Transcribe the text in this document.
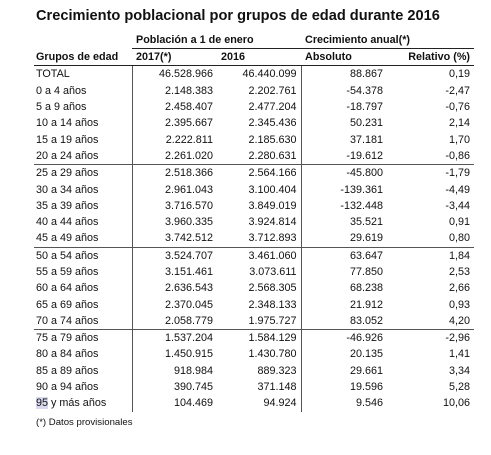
Crecimiento poblacional por grupos de edad durante 2016
	Población a 1 de enero		Crecimiento anual(*)	
Grupos de edad	2017(*)	2016	Absoluto	Relativo (%)
TOTAL	46.528.966	46.440.099	88.867	0,19
0 a 4 años	2.148.383	2.202.761	-54.378	-2,47
5 a 9 años	2.458.407	2.477.204	-18.797	-0,76
10 a 14 años	2.395.667	2.345.436	50.231	2,14
15 a 19 años	2.222.811	2.185.630	37.181	1,70
20 a 24 años	2.261.020	2.280.631	-19.612	-0,86
25 a 29 años	2.518.366	2.564.166	-45.800	-1,79
30 a 34 años	2.961.043	3.100.404	-139.361	-4,49
35 a 39 años	3.716.570	3.849.019	-132.448	-3,44
40 a 44 años	3.960.335	3.924.814	35.521	0,91
45 a 49 años	3.742.512	3.712.893	29.619	0,80
50 a 54 años	3.524.707	3.461.060	63.647	1,84
55 a 59 años	3.151.461	3.073.611	77.850	2,53
60 a 64 años	2.636.543	2.568.305	68.238	2,66
65 a 69 años	2.370.045	2.348.133	21.912	0,93
70 a 74 años	2.058.779	1.975.727	83.052	4,20
75 a 79 años	1.537.204	1.584.129	-46.926	-2,96
80 a 84 años	1.450.915	1.430.780	20.135	1,41
85 a 89 años	918.984	889.323	29.661	3,34
90 a 94 años	390.745	371.148	19.596	5,28
95 y más años	104.469	94.924	9.546	10,06
(*) Datos provisionales
